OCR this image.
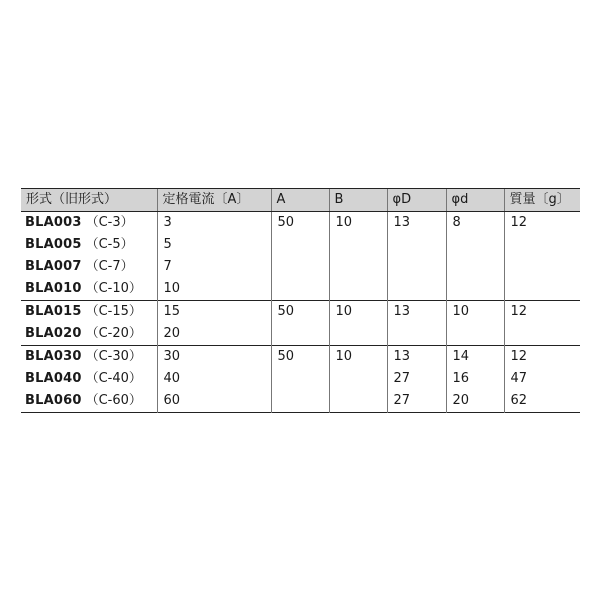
形式（旧形式）	定格電流〔A〕	A	B	φD	φd	質量〔g〕
BLA003 （C-3）	3	50	10	13	8	12
BLA005 （C-5）	5					
BLA007 （C-7）	7					
BLA010 （C-10）	10					
BLA015 （C-15）	15	50	10	13	10	12
BLA020 （C-20）	20					
BLA030 （C-30）	30	50	10	13	14	12
BLA040 （C-40）	40			27	16	47
BLA060 （C-60）	60			27	20	62
